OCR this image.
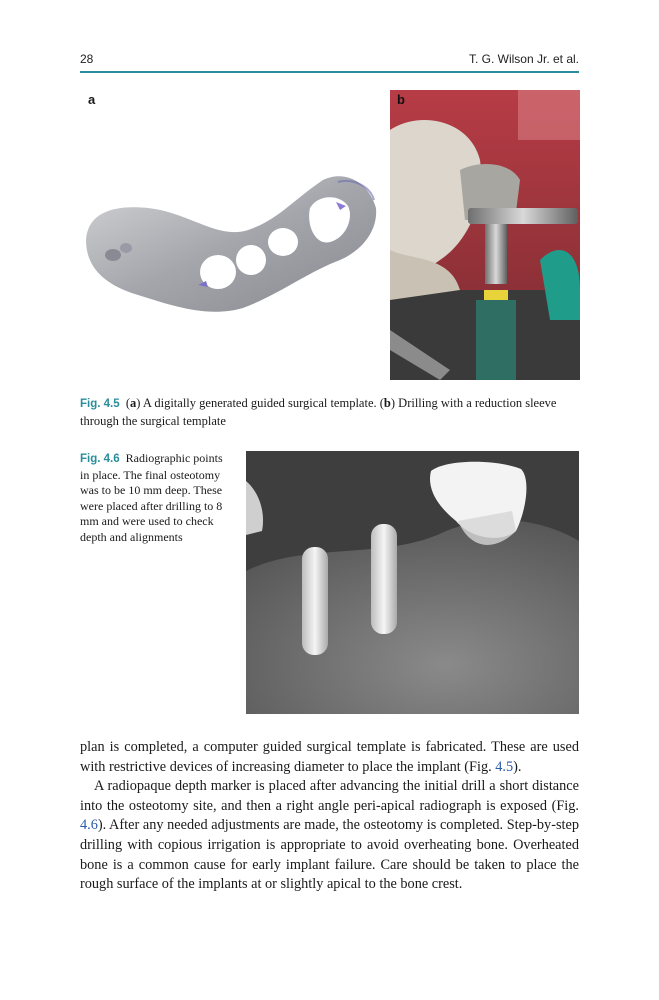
28	T. G. Wilson Jr. et al.
a	b
Fig. 4.5 (a) A digitally generated guided surgical template. (b) Drilling with a reduction sleeve through the surgical template
Fig. 4.6 Radiographic points in place. The final osteotomy was to be 10 mm deep. These were placed after drilling to 8 mm and were used to check depth and alignments

plan is completed, a computer guided surgical template is fabricated. These are used with restrictive devices of increasing diameter to place the implant (Fig. 4.5).

A radiopaque depth marker is placed after advancing the initial drill a short distance into the osteotomy site, and then a right angle peri-apical radiograph is exposed (Fig. 4.6). After any needed adjustments are made, the osteotomy is completed. Step-by-step drilling with copious irrigation is appropriate to avoid overheating bone. Overheated bone is a common cause for early implant failure. Care should be taken to place the rough surface of the implants at or slightly apical to the bone crest.
